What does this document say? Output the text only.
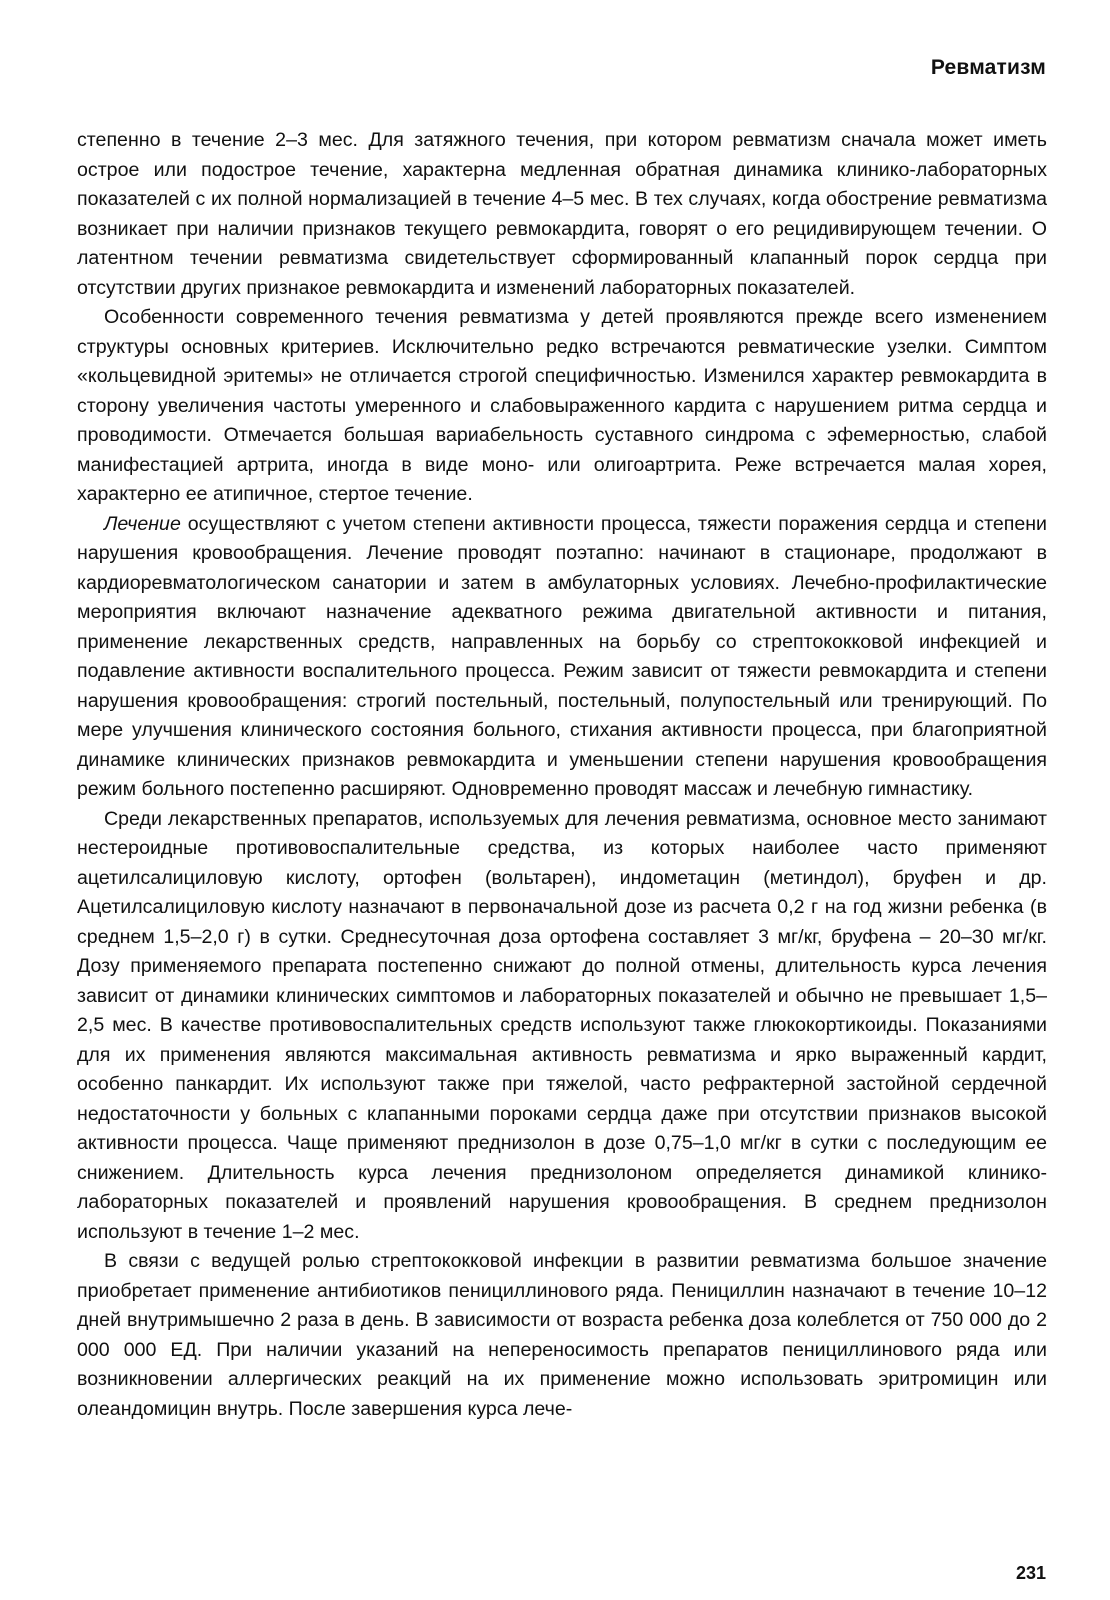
Ревматизм

степенно в течение 2–3 мес. Для затяжного течения, при котором ревматизм сначала может иметь острое или подострое течение, характерна медленная обратная динамика клинико-лабораторных показателей с их полной нормализацией в течение 4–5 мес. В тех случаях, когда обострение ревматизма возникает при наличии признаков текущего ревмокардита, говорят о его рецидивирующем течении. О латентном течении ревматизма свидетельствует сформированный клапанный порок сердца при отсутствии других признакое ревмокардита и изменений лабораторных показателей.

Особенности современного течения ревматизма у детей проявляются прежде всего изменением структуры основных критериев. Исключительно редко встречаются ревматические узелки. Симптом «кольцевидной эритемы» не отличается строгой специфичностью. Изменился характер ревмокардита в сторону увеличения частоты умеренного и слабовыраженного кардита с нарушением ритма сердца и проводимости. Отмечается большая вариабельность суставного синдрома с эфемерностью, слабой манифестацией артрита, иногда в виде моно- или олигоартрита. Реже встречается малая хорея, характерно ее атипичное, стертое течение.

Лечение осуществляют с учетом степени активности процесса, тяжести поражения сердца и степени нарушения кровообращения. Лечение проводят поэтапно: начинают в стационаре, продолжают в кардиоревматологическом санатории и затем в амбулаторных условиях. Лечебно-профилактические мероприятия включают назначение адекватного режима двигательной активности и питания, применение лекарственных средств, направленных на борьбу со стрептококковой инфекцией и подавление активности воспалительного процесса. Режим зависит от тяжести ревмокардита и степени нарушения кровообращения: строгий постельный, постельный, полупостельный или тренирующий. По мере улучшения клинического состояния больного, стихания активности процесса, при благоприятной динамике клинических признаков ревмокардита и уменьшении степени нарушения кровообращения режим больного постепенно расширяют. Одновременно проводят массаж и лечебную гимнастику.

Среди лекарственных препаратов, используемых для лечения ревматизма, основное место занимают нестероидные противовоспалительные средства, из которых наиболее часто применяют ацетилсалициловую кислоту, ортофен (вольтарен), индометацин (метиндол), бруфен и др. Ацетилсалициловую кислоту назначают в первоначальной дозе из расчета 0,2 г на год жизни ребенка (в среднем 1,5–2,0 г) в сутки. Среднесуточная доза ортофена составляет 3 мг/кг, бруфена – 20–30 мг/кг. Дозу применяемого препарата постепенно снижают до полной отмены, длительность курса лечения зависит от динамики клинических симптомов и лабораторных показателей и обычно не превышает 1,5–2,5 мес. В качестве противовоспалительных средств используют также глюкокортикоиды. Показаниями для их применения являются максимальная активность ревматизма и ярко выраженный кардит, особенно панкардит. Их используют также при тяжелой, часто рефрактерной застойной сердечной недостаточности у больных с клапанными пороками сердца даже при отсутствии признаков высокой активности процесса. Чаще применяют преднизолон в дозе 0,75–1,0 мг/кг в сутки с последующим ее снижением. Длительность курса лечения преднизолоном определяется динамикой клинико-лабораторных показателей и проявлений нарушения кровообращения. В среднем преднизолон используют в течение 1–2 мес.

В связи с ведущей ролью стрептококковой инфекции в развитии ревматизма большое значение приобретает применение антибиотиков пенициллинового ряда. Пенициллин назначают в течение 10–12 дней внутримышечно 2 раза в день. В зависимости от возраста ребенка доза колеблется от 750 000 до 2 000 000 ЕД. При наличии указаний на непереносимость препаратов пенициллинового ряда или возникновении аллергических реакций на их применение можно использовать эритромицин или олеандомицин внутрь. После завершения курса лече-

231
